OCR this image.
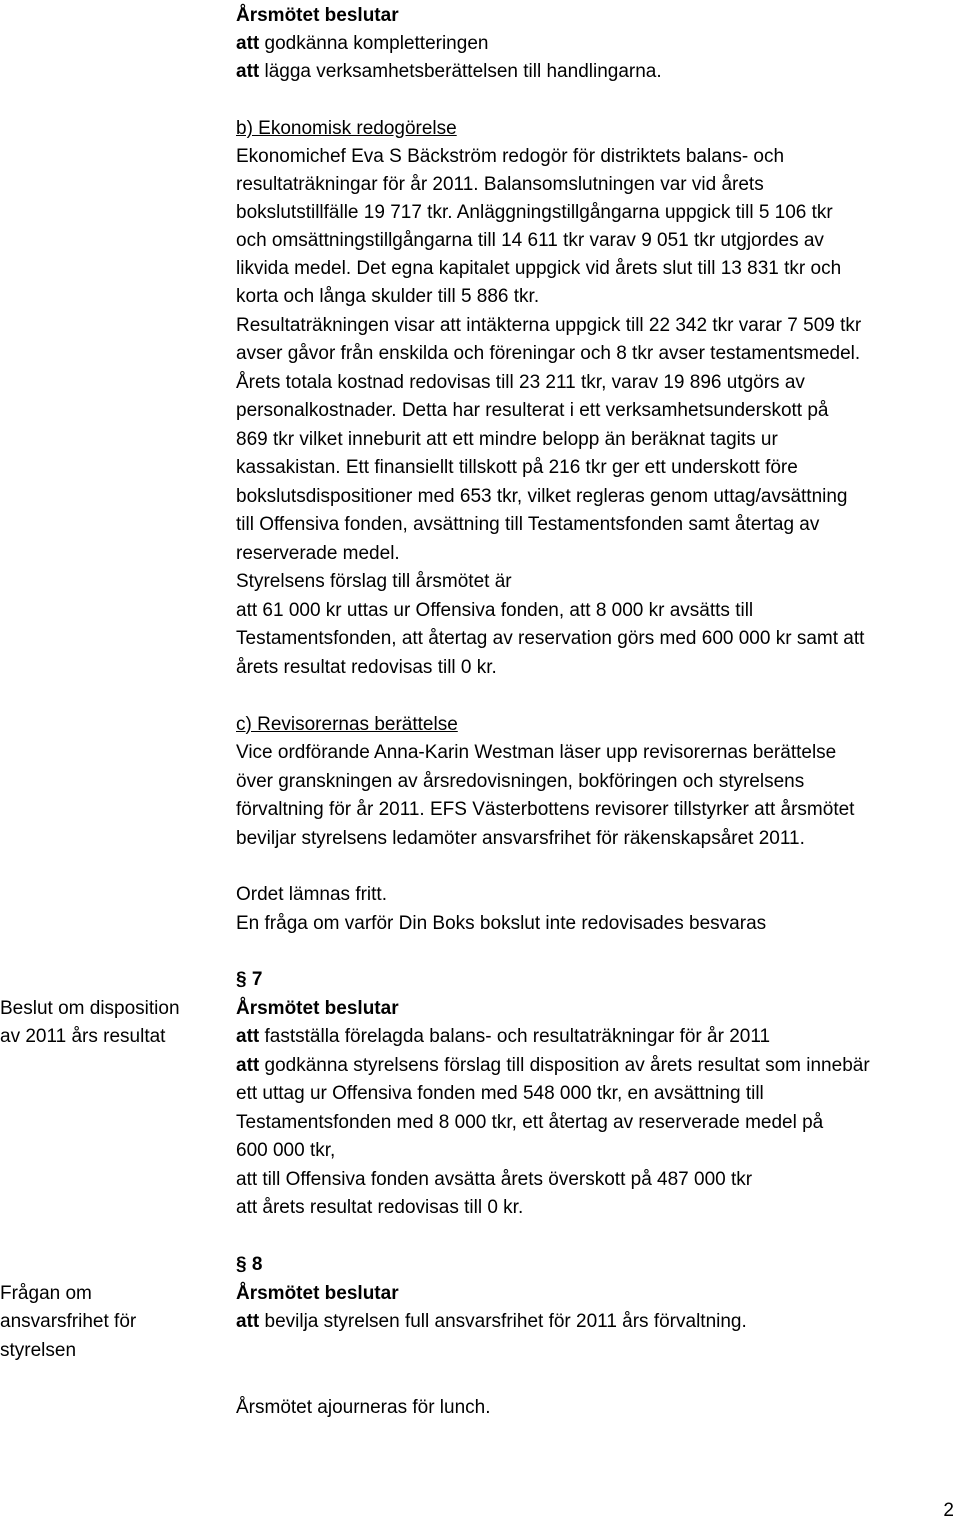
Årsmötet beslutar
att godkänna kompletteringen
att lägga verksamhetsberättelsen till handlingarna.
b) Ekonomisk redogörelse
Ekonomichef Eva S Bäckström redogör för distriktets balans- och
resultaträkningar för år 2011. Balansomslutningen var vid årets
bokslutstillfälle 19 717 tkr. Anläggningstillgångarna uppgick till 5 106 tkr
och omsättningstillgångarna till 14 611 tkr varav 9 051 tkr utgjordes av
likvida medel. Det egna kapitalet uppgick vid årets slut till 13 831 tkr och
korta och långa skulder till 5 886 tkr.
Resultaträkningen visar att intäkterna uppgick till 22 342 tkr varar 7 509 tkr
avser gåvor från enskilda och föreningar och 8 tkr avser testamentsmedel.
Årets totala kostnad redovisas till 23 211 tkr, varav 19 896 utgörs av
personalkostnader. Detta har resulterat i ett verksamhetsunderskott på
869 tkr vilket inneburit att ett mindre belopp än beräknat tagits ur
kassakistan. Ett finansiellt tillskott på 216 tkr ger ett underskott före
bokslutsdispositioner med 653 tkr, vilket regleras genom uttag/avsättning
till Offensiva fonden, avsättning till Testamentsfonden samt återtag av
reserverade medel.
Styrelsens förslag till årsmötet är
att 61 000 kr uttas ur Offensiva fonden, att 8 000 kr avsätts till
Testamentsfonden, att återtag av reservation görs med 600 000 kr samt att
årets resultat redovisas till 0 kr.
c) Revisorernas berättelse
Vice ordförande Anna-Karin Westman läser upp revisorernas berättelse
över granskningen av årsredovisningen, bokföringen och styrelsens
förvaltning för år 2011. EFS Västerbottens revisorer tillstyrker att årsmötet
beviljar styrelsens ledamöter ansvarsfrihet för räkenskapsåret 2011.
Ordet lämnas fritt.
En fråga om varför Din Boks bokslut inte redovisades besvaras
§ 7
Beslut om disposition
av 2011 års resultat
Årsmötet beslutar
att fastställa förelagda balans- och resultaträkningar för år 2011
att godkänna styrelsens förslag till disposition av årets resultat som innebär
ett uttag ur Offensiva fonden med 548 000 tkr, en avsättning till
Testamentsfonden med 8 000 tkr, ett återtag av reserverade medel på
600 000 tkr,
att till Offensiva fonden avsätta årets överskott på 487 000 tkr
att årets resultat redovisas till 0 kr.
§ 8
Frågan om
ansvarsfrihet för
styrelsen
Årsmötet beslutar
att bevilja styrelsen full ansvarsfrihet för 2011 års förvaltning.
Årsmötet ajourneras för lunch.
2
